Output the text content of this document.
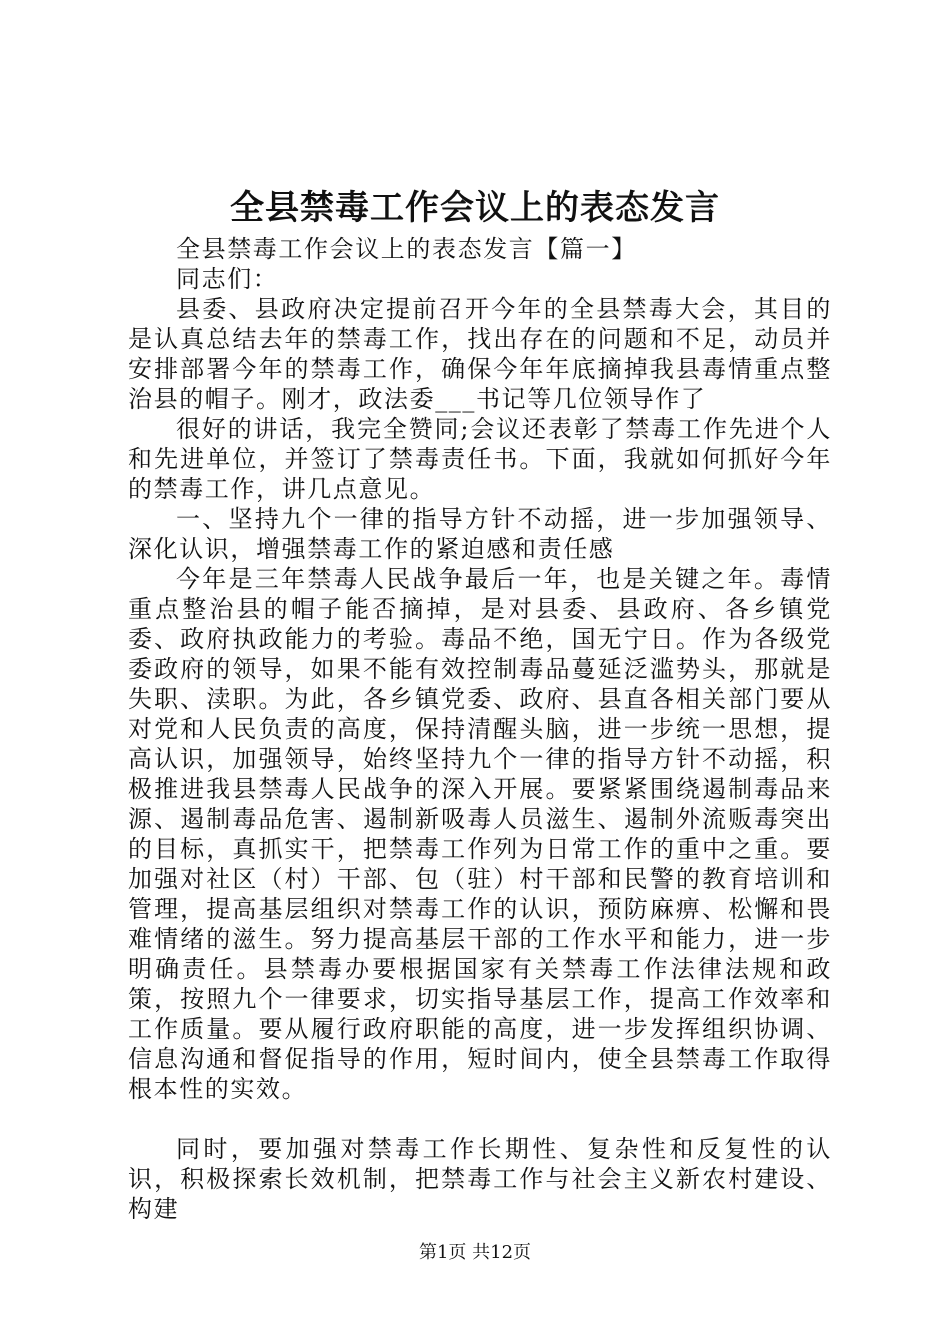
全县禁毒工作会议上的表态发言

全县禁毒工作会议上的表态发言【篇一】

同志们：

县委、县政府决定提前召开今年的全县禁毒大会，其目的是认真总结去年的禁毒工作，找出存在的问题和不足，动员并安排部署今年的禁毒工作，确保今年年底摘掉我县毒情重点整治县的帽子。刚才，政法委___书记等几位领导作了

很好的讲话，我完全赞同;会议还表彰了禁毒工作先进个人和先进单位，并签订了禁毒责任书。下面，我就如何抓好今年的禁毒工作，讲几点意见。

一、坚持九个一律的指导方针不动摇，进一步加强领导、深化认识，增强禁毒工作的紧迫感和责任感

今年是三年禁毒人民战争最后一年，也是关键之年。毒情重点整治县的帽子能否摘掉，是对县委、县政府、各乡镇党委、政府执政能力的考验。毒品不绝，国无宁日。作为各级党委政府的领导，如果不能有效控制毒品蔓延泛滥势头，那就是失职、渎职。为此，各乡镇党委、政府、县直各相关部门要从对党和人民负责的高度，保持清醒头脑，进一步统一思想，提高认识，加强领导，始终坚持九个一律的指导方针不动摇，积极推进我县禁毒人民战争的深入开展。要紧紧围绕遏制毒品来源、遏制毒品危害、遏制新吸毒人员滋生、遏制外流贩毒突出的目标，真抓实干，把禁毒工作列为日常工作的重中之重。要加强对社区（村）干部、包（驻）村干部和民警的教育培训和管理，提高基层组织对禁毒工作的认识，预防麻痹、松懈和畏难情绪的滋生。努力提高基层干部的工作水平和能力，进一步明确责任。县禁毒办要根据国家有关禁毒工作法律法规和政策，按照九个一律要求，切实指导基层工作，提高工作效率和工作质量。要从履行政府职能的高度，进一步发挥组织协调、信息沟通和督促指导的作用，短时间内，使全县禁毒工作取得根本性的实效。

同时，要加强对禁毒工作长期性、复杂性和反复性的认识，积极探索长效机制，把禁毒工作与社会主义新农村建设、构建

第1页 共12页
